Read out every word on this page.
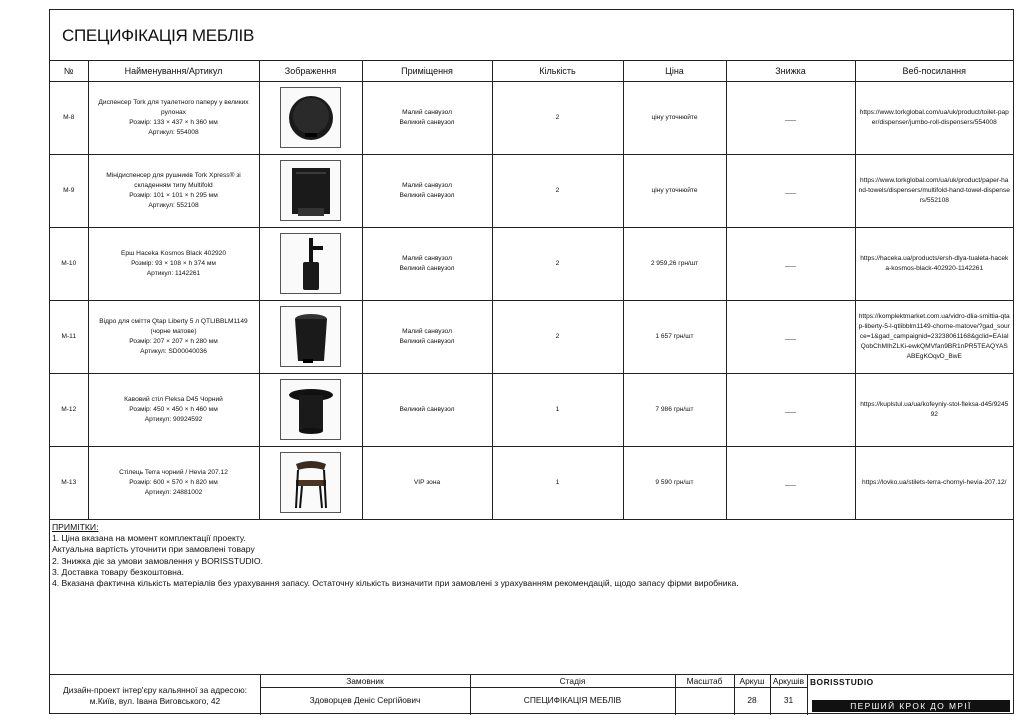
СПЕЦИФІКАЦІЯ МЕБЛІВ
№	Найменування/Артикул	Зображення	Приміщення	Кількість	Ціна	Знижка	Веб-посилання
М-8	Диспенсер Tork для туалетного паперу у великих рулонах
Розмір: 133 × 437 × h 360 мм
Артикул: 554008		Малий санвузол
Великий санвузол	2	ціну уточнюйте	___	https://www.torkglobal.com/ua/uk/product/toilet-paper/dispenser/jumbo-roll-dispensers/554008
М-9	Мінідиспенсер для рушників Tork Xpress® зі складенням типу Multifold
Розмір: 101 × 101 × h 295 мм
Артикул: 552108		Малий санвузол
Великий санвузол	2	ціну уточнюйте	___	https://www.torkglobal.com/ua/uk/product/paper-hand-towels/dispensers/multifold-hand-towel-dispensers/552108
М-10	Ерш Haceka Kosmos Black 402920
Розмір: 93 × 108 × h 374 мм
Артикул: 1142261		Малий санвузол
Великий санвузол	2	2 959,26 грн/шт	___	https://haceka.ua/products/ersh-dlya-tualeta-haceka-kosmos-black-402920-1142261
М-11	Відро для сміття Qtap Liberty 5 л QTLIBBLM1149 (чорне матове)
Розмір: 207 × 207 × h 280 мм
Артикул: SD00040036		Малий санвузол
Великий санвузол	2	1 657 грн/шт	___	https://komplektmarket.com.ua/vidro-dlia-smittia-qtap-liberty-5-l-qtlibblm1149-chorne-matove/?gad_source=1&gad_campaignid=23238061168&gclid=EAIaIQobChMIhZLKi-ewkQMVfan9BR1nPR5TEAQYASABEgKOqvD_BwE
М-12	Кавовий стіл Fleksa D45 Чорний
Розмір: 450 × 450 × h 460 мм
Артикул: 90924592		Великий санвузол	1	7 986 грн/шт	___	https://kuplstul.ua/ua/kofeyniy-stol-fleksa-d45/924592
М-13	Стілець Terra чорний / Hevia 207.12
Розмір: 600 × 570 × h 820 мм
Артикул: 24881002		VIP зона	1	9 590 грн/шт	___	https://lovko.ua/stilets-terra-chornyi-hevia-207.12/
ПРИМІТКИ:
1. Ціна вказана на момент комплектації проекту.
Актуальна вартість уточнити при замовлені товару
2. Знижка діє за умови замовлення у BORISSTUDIO.
3. Доставка товару безкоштовна.
4. Вказана фактична кількість матеріалів без урахування запасу. Остаточну кількість визначити при замовлені з урахуванням рекомендацій, щодо запасу фірми виробника.
Дизайн-проект інтер'єру кальянної за адресою:
м.Київ, вул. Івана Виговського, 42
Замовник
Здоворцев Деніс Сергійович
Стадія
СПЕЦИФІКАЦІЯ МЕБЛІВ
Масштаб	Аркуш
28
Аркушів
31
BORISSTUDIO
ПЕРШИЙ КРОК ДО МРІЇ
